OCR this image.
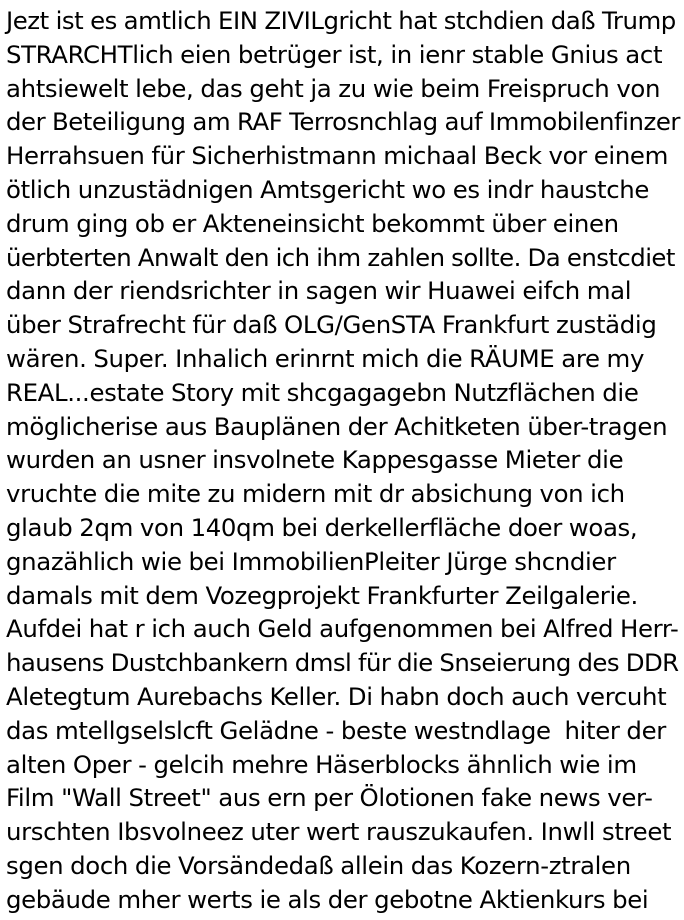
Jezt ist es amtlich EIN ZIVILgricht hat stchdien daß Trump
STRARCHTlich eien betrüger ist, in ienr stable Gnius act
ahtsiewelt lebe, das geht ja zu wie beim Freispruch von
der Beteiligung am RAF Terrosnchlag auf Immobilenfinzer
Herrahsuen für Sicherhistmann michaal Beck vor einem
ötlich unzustädnigen Amtsgericht wo es indr haustche
drum ging ob er Akteneinsicht bekommt über einen
üerbterten Anwalt den ich ihm zahlen sollte. Da enstcdiet
dann der riendsrichter in sagen wir Huawei eifch mal
über Strafrecht für daß OLG/GenSTA Frankfurt zustädig
wären. Super. Inhalich erinrnt mich die RÄUME are my
REAL...estate Story mit shcgagagebn Nutzflächen die
möglicherise aus Bauplänen der Achitketen über-tragen
wurden an usner insvolnete Kappesgasse Mieter die
vruchte die mite zu midern mit dr absichung von ich
glaub 2qm von 140qm bei derkellerfläche doer woas,
gnazählich wie bei ImmobilienPleiter Jürge shcndier
damals mit dem Vozegprojekt Frankfurter Zeilgalerie.
Aufdei hat r ich auch Geld aufgenommen bei Alfred Herr-
hausens Dustchbankern dmsl für die Snseierung des DDR
Aletegtum Aurebachs Keller. Di habn doch auch vercuht
das mtellgselslcft Gelädne - beste westndlage  hiter der
alten Oper - gelcih mehre Häserblocks ähnlich wie im
Film "Wall Street" aus ern per Ölotionen fake news ver-
urschten Ibsvolneez uter wert rauszukaufen. Inwll street
sgen doch die Vorsändedaß allein das Kozern-ztralen
gebäude mher werts ie als der gebotne Aktienkurs bei
